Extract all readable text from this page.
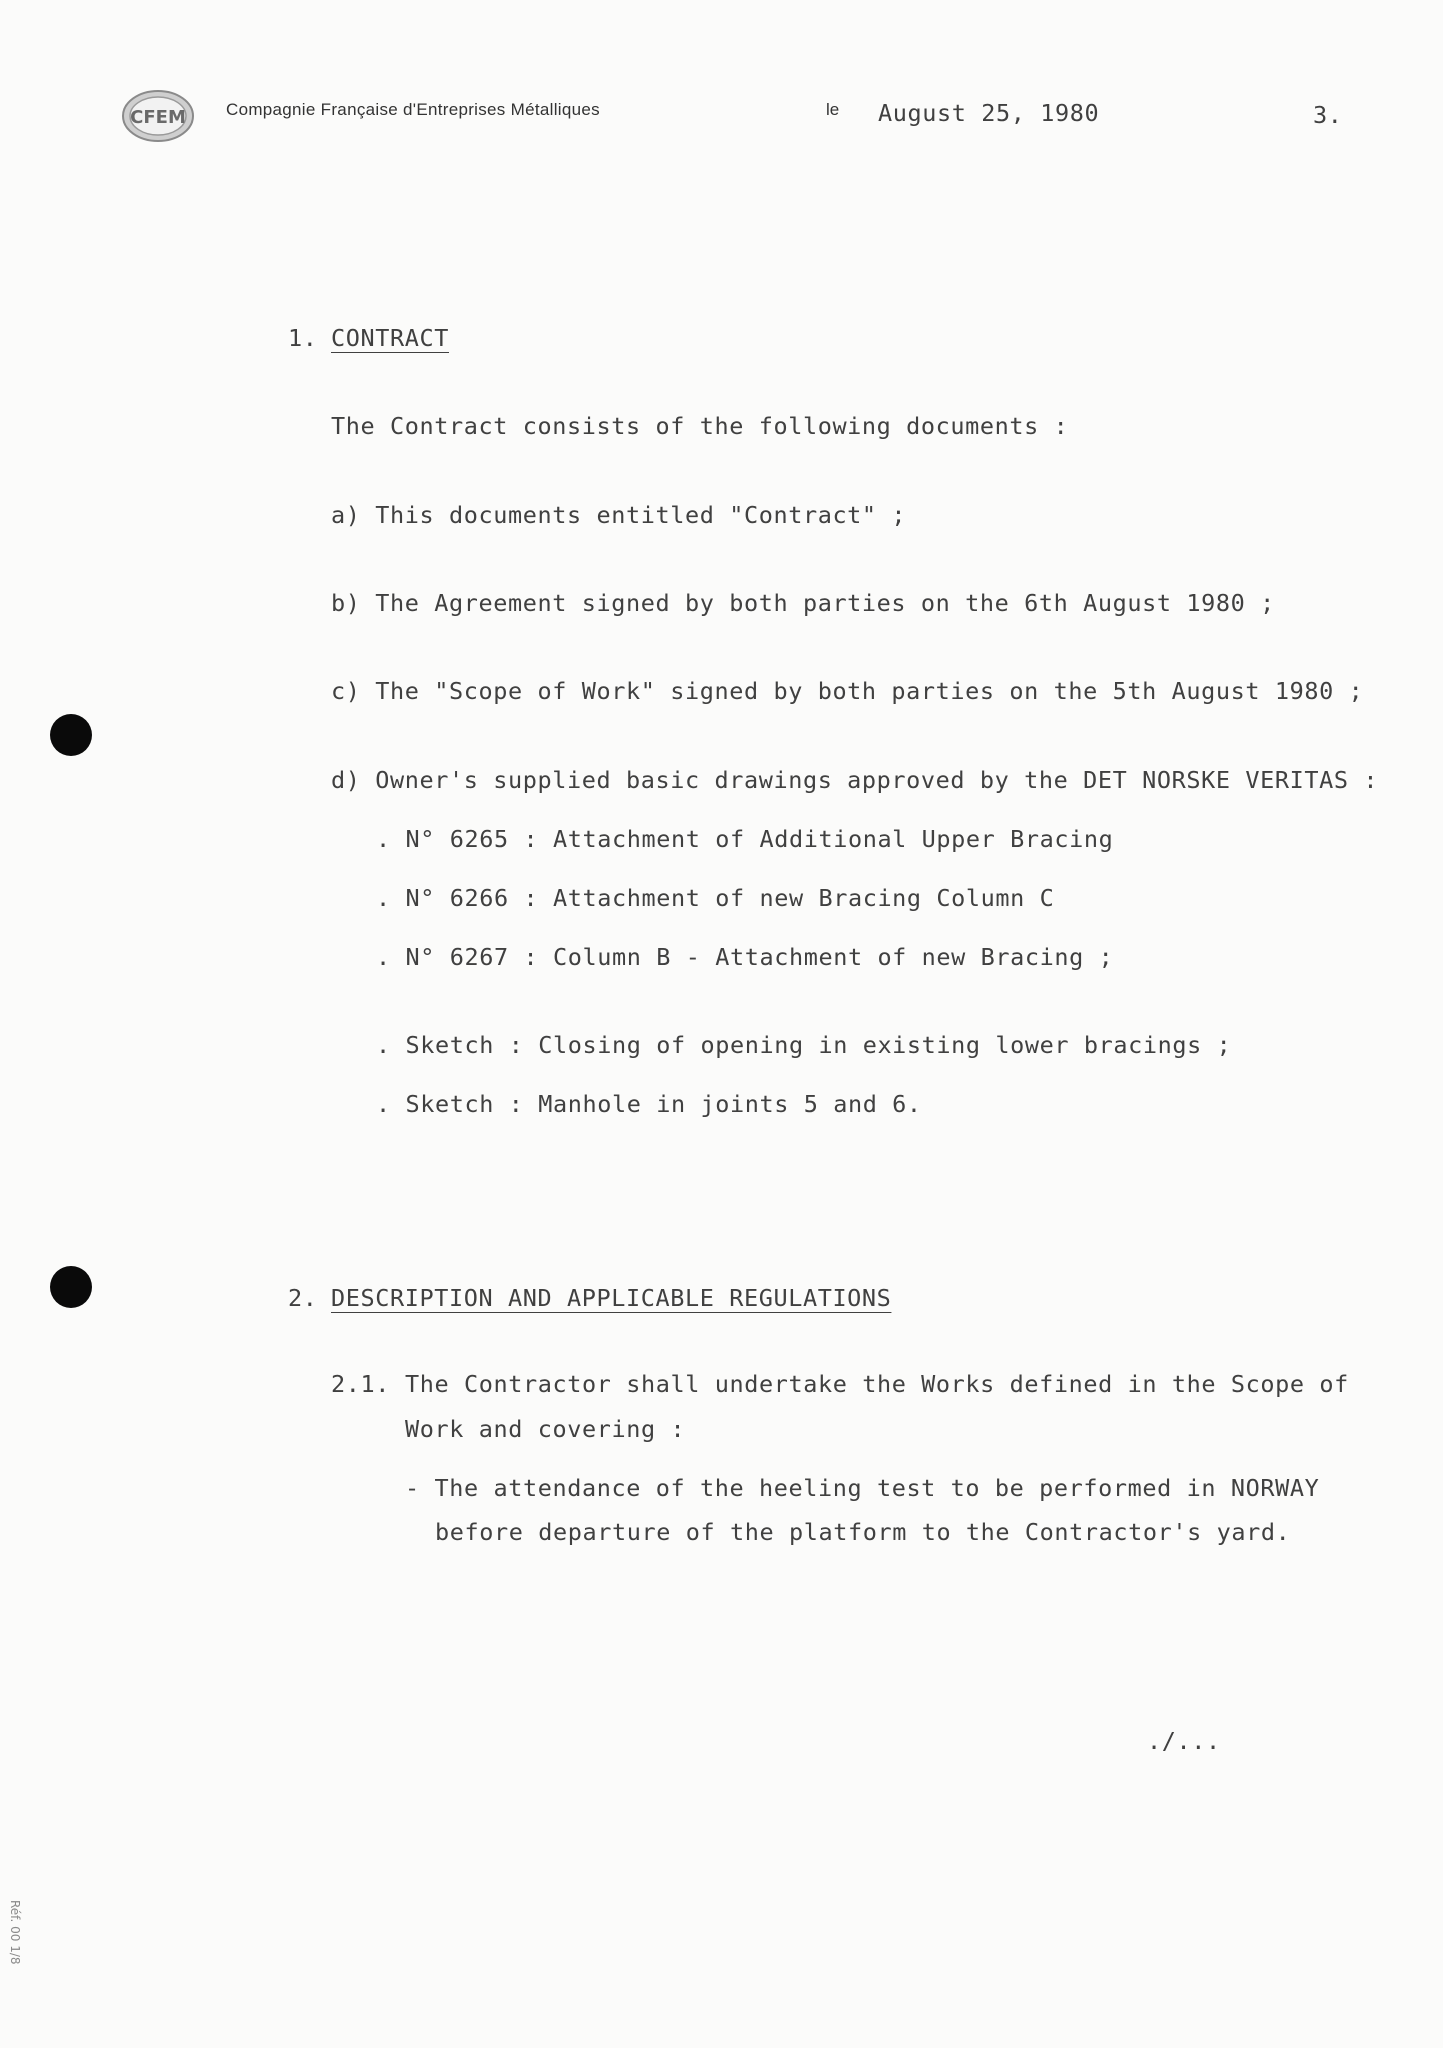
CFEM Compagnie Française d'Entreprises Métalliques	le August 25, 1980	3.
1. CONTRACT
The Contract consists of the following documents :
a) This documents entitled "Contract" ;
b) The Agreement signed by both parties on the 6th August 1980 ;
c) The "Scope of Work" signed by both parties on the 5th August 1980 ;
d) Owner's supplied basic drawings approved by the DET NORSKE VERITAS :
. N° 6265 : Attachment of Additional Upper Bracing
. N° 6266 : Attachment of new Bracing Column C
. N° 6267 : Column B - Attachment of new Bracing ;
. Sketch : Closing of opening in existing lower bracings ;
. Sketch : Manhole in joints 5 and 6.
2. DESCRIPTION AND APPLICABLE REGULATIONS
2.1. The Contractor shall undertake the Works defined in the Scope of
Work and covering :
- The attendance of the heeling test to be performed in NORWAY
before departure of the platform to the Contractor's yard.
./...
Réf. 00 1/8
